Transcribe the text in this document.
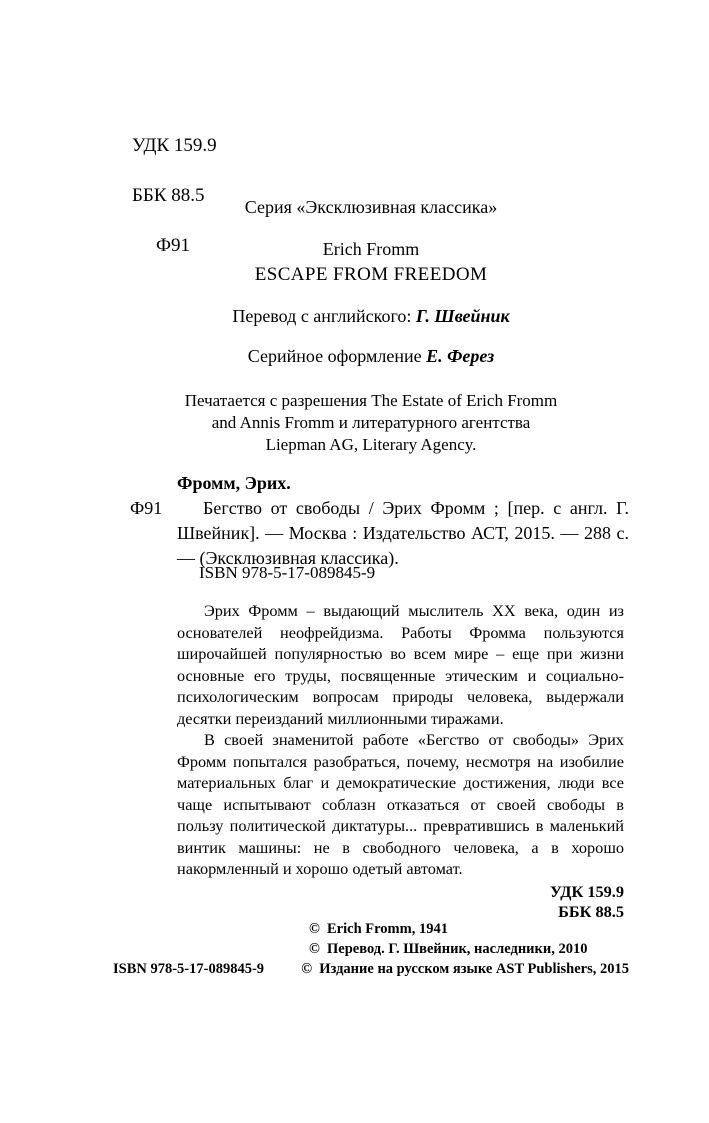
УДК 159.9

ББК 88.5

Ф91

Серия «Эксклюзивная классика»
Erich Fromm
ESCAPE FROM FREEDOM
Перевод с английского: Г. Швейник
Серийное оформление Е. Ферез
Печатается с разрешения The Estate of Erich Fromm
and Annis Fromm и литературного агентства
Liepman AG, Literary Agency.
Фромм, Эрих.
Ф91	Бегство от свободы / Эрих Фромм ; [пер. с англ. Г. Швейник]. — Москва : Издательство АСТ, 2015. — 288 с. — (Эксклюзивная классика).
ISBN 978-5-17-089845-9

Эрих Фромм – выдающий мыслитель XX века, один из основателей неофрейдизма. Работы Фромма пользуются широчайшей популярностью во всем мире – еще при жизни основные его труды, посвященные этическим и социально-психологическим вопросам природы человека, выдержали десятки переизданий миллионными тиражами.

В своей знаменитой работе «Бегство от свободы» Эрих Фромм попытался разобраться, почему, несмотря на изобилие материальных благ и демократические достижения, люди все чаще испытывают соблазн отказаться от своей свободы в пользу политической диктатуры... превратившись в маленький винтик машины: не в свободного человека, а в хорошо накормленный и хорошо одетый автомат.

УДК 159.9
ББК 88.5
© Erich Fromm, 1941
© Перевод. Г. Швейник, наследники, 2010
ISBN 978-5-17-089845-9	© Издание на русском языке AST Publishers, 2015
